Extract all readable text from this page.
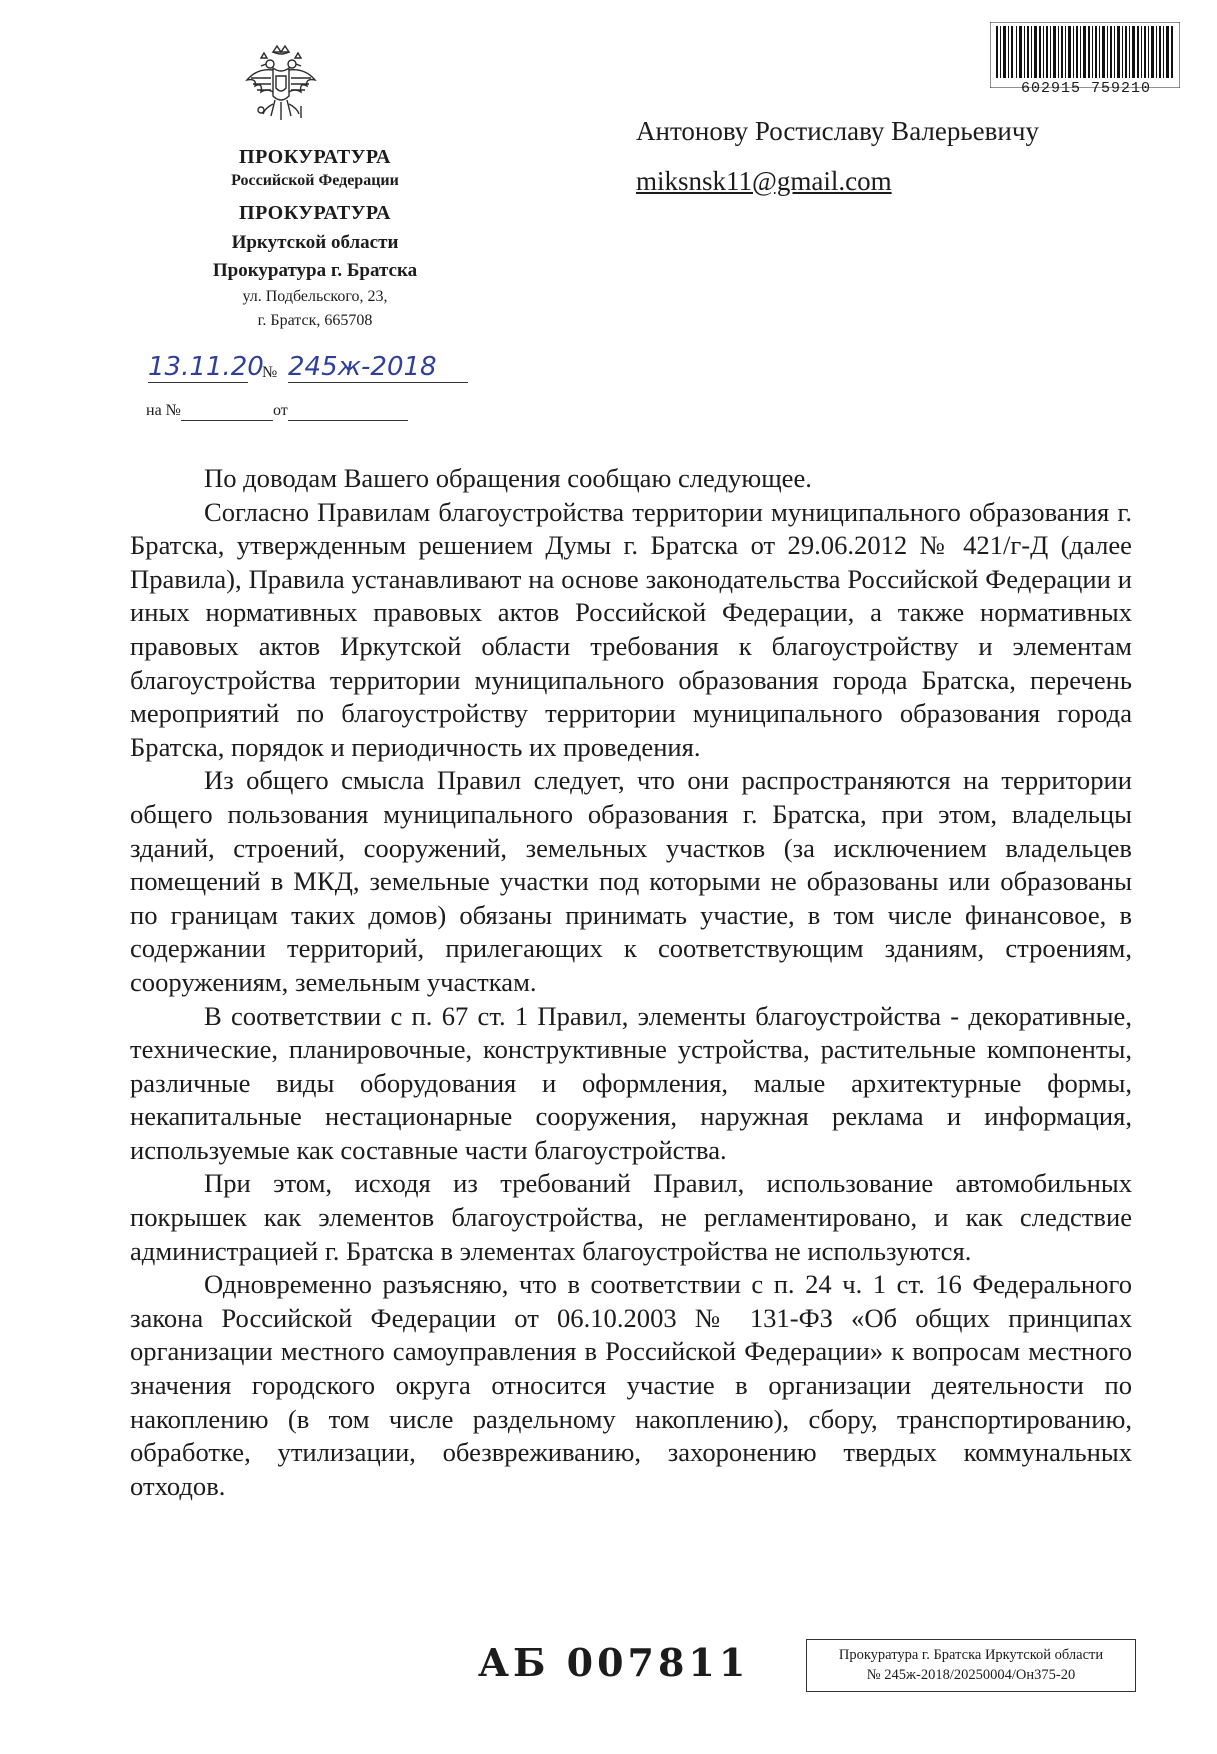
ПРОКУРАТУРА
Российской Федерации
ПРОКУРАТУРА
Иркутской области
Прокуратура г. Братска
ул. Подбельского, 23,
г. Братск, 665708
13.11.20
№ 245ж-2018
на №	от
602915 759210
Антонову Ростиславу Валерьевичу
miksnsk11@gmail.com

По доводам Вашего обращения сообщаю следующее.

Согласно Правилам благоустройства территории муниципального образования г. Братска, утвержденным решением Думы г. Братска от 29.06.2012 № 421/г-Д (далее Правила), Правила устанавливают на основе законодательства Российской Федерации и иных нормативных правовых актов Российской Федерации, а также нормативных правовых актов Иркутской области требования к благоустройству и элементам благоустройства территории муниципального образования города Братска, перечень мероприятий по благоустройству территории муниципального образования города Братска, порядок и периодичность их проведения.

Из общего смысла Правил следует, что они распространяются на территории общего пользования муниципального образования г. Братска, при этом, владельцы зданий, строений, сооружений, земельных участков (за исключением владельцев помещений в МКД, земельные участки под которыми не образованы или образованы по границам таких домов) обязаны принимать участие, в том числе финансовое, в содержании территорий, прилегающих к соответствующим зданиям, строениям, сооружениям, земельным участкам.

В соответствии с п. 67 ст. 1 Правил, элементы благоустройства - декоративные, технические, планировочные, конструктивные устройства, растительные компоненты, различные виды оборудования и оформления, малые архитектурные формы, некапитальные нестационарные сооружения, наружная реклама и информация, используемые как составные части благоустройства.

При этом, исходя из требований Правил, использование автомобильных покрышек как элементов благоустройства, не регламентировано, и как следствие администрацией г. Братска в элементах благоустройства не используются.

Одновременно разъясняю, что в соответствии с п. 24 ч. 1 ст. 16 Федерального закона Российской Федерации от 06.10.2003 № 131-ФЗ «Об общих принципах организации местного самоуправления в Российской Федерации» к вопросам местного значения городского округа относится участие в организации деятельности по накоплению (в том числе раздельному накоплению), сбору, транспортированию, обработке, утилизации, обезвреживанию, захоронению твердых коммунальных отходов.

АБ 007811	Прокуратура г. Братска Иркутской области
№ 245ж-2018/20250004/Он375-20
